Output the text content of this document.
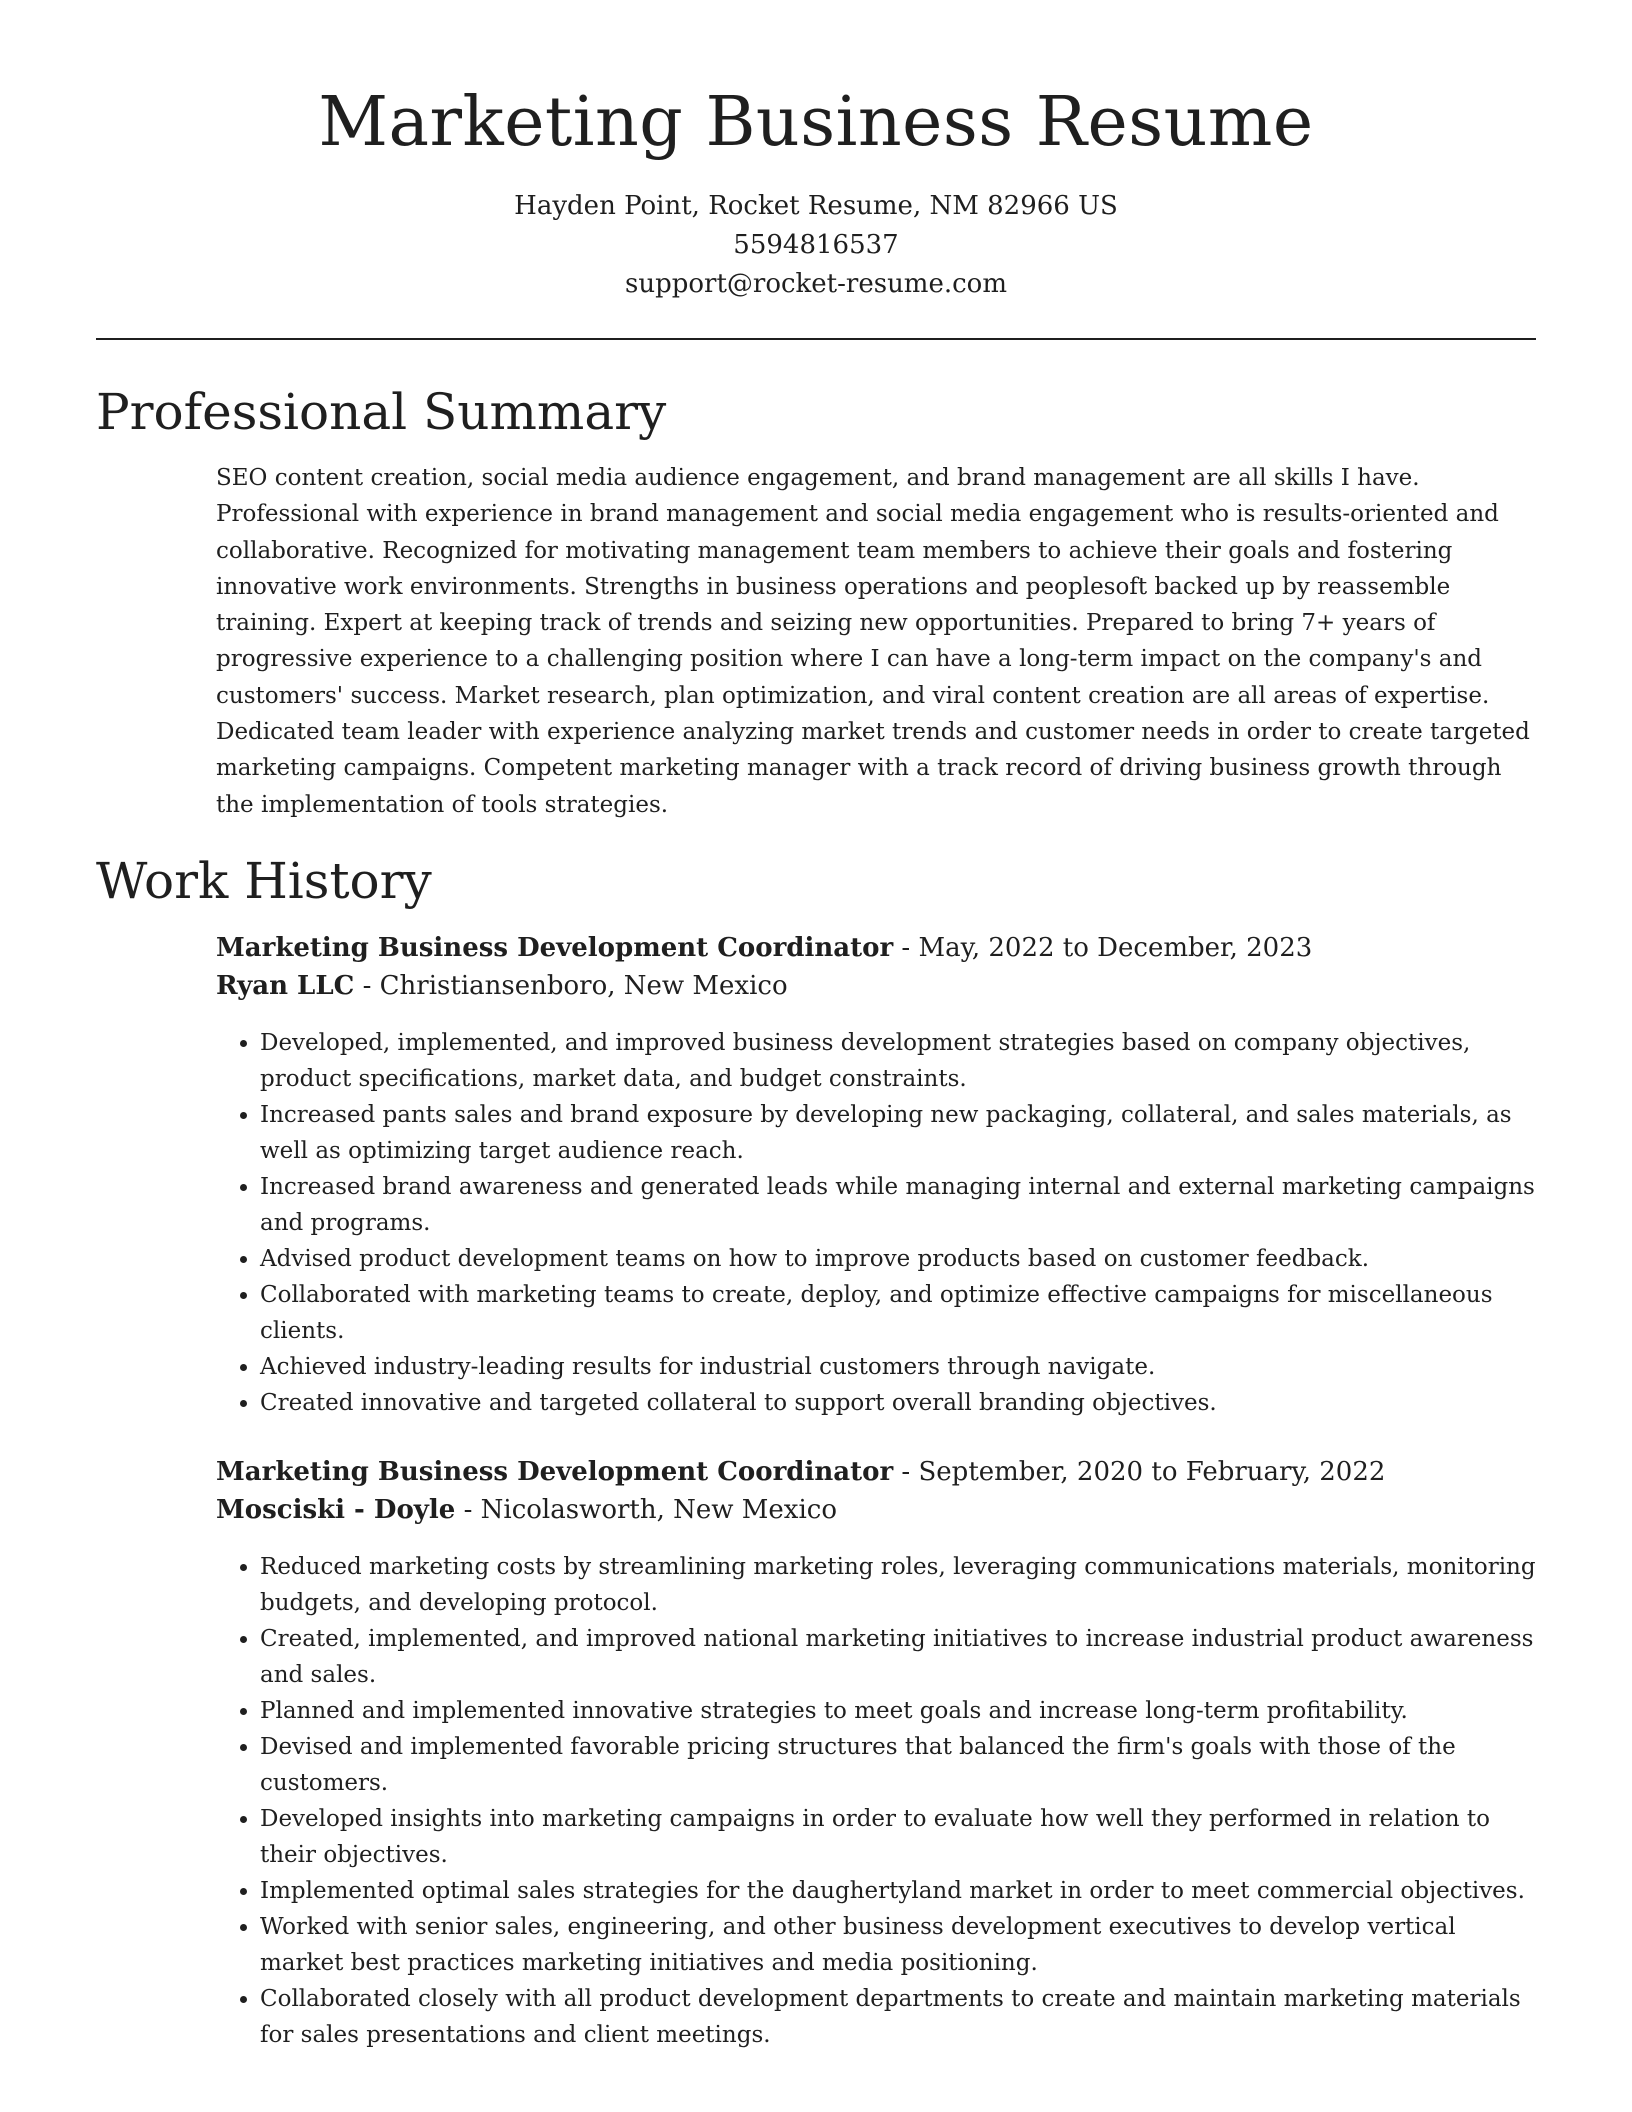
Marketing Business Resume
Hayden Point, Rocket Resume, NM 82966 US
5594816537
support@rocket-resume.com
Professional Summary

SEO content creation, social media audience engagement, and brand management are all skills I have. Professional with experience in brand management and social media engagement who is results-oriented and collaborative. Recognized for motivating management team members to achieve their goals and fostering innovative work environments. Strengths in business operations and peoplesoft backed up by reassemble training. Expert at keeping track of trends and seizing new opportunities. Prepared to bring 7+ years of progressive experience to a challenging position where I can have a long-term impact on the company's and customers' success. Market research, plan optimization, and viral content creation are all areas of expertise. Dedicated team leader with experience analyzing market trends and customer needs in order to create targeted marketing campaigns. Competent marketing manager with a track record of driving business growth through the implementation of tools strategies.

Work History
Marketing Business Development Coordinator - May, 2022 to December, 2023
Ryan LLC - Christiansenboro, New Mexico
• Developed, implemented, and improved business development strategies based on company objectives, product specifications, market data, and budget constraints.
• Increased pants sales and brand exposure by developing new packaging, collateral, and sales materials, as well as optimizing target audience reach.
• Increased brand awareness and generated leads while managing internal and external marketing campaigns and programs.
• Advised product development teams on how to improve products based on customer feedback.
• Collaborated with marketing teams to create, deploy, and optimize effective campaigns for miscellaneous clients.
• Achieved industry-leading results for industrial customers through navigate.
• Created innovative and targeted collateral to support overall branding objectives.
Marketing Business Development Coordinator - September, 2020 to February, 2022
Mosciski - Doyle - Nicolasworth, New Mexico
• Reduced marketing costs by streamlining marketing roles, leveraging communications materials, monitoring budgets, and developing protocol.
• Created, implemented, and improved national marketing initiatives to increase industrial product awareness and sales.
• Planned and implemented innovative strategies to meet goals and increase long-term profitability.
• Devised and implemented favorable pricing structures that balanced the firm's goals with those of the customers.
• Developed insights into marketing campaigns in order to evaluate how well they performed in relation to their objectives.
• Implemented optimal sales strategies for the daughertyland market in order to meet commercial objectives.
• Worked with senior sales, engineering, and other business development executives to develop vertical market best practices marketing initiatives and media positioning.
• Collaborated closely with all product development departments to create and maintain marketing materials for sales presentations and client meetings.
